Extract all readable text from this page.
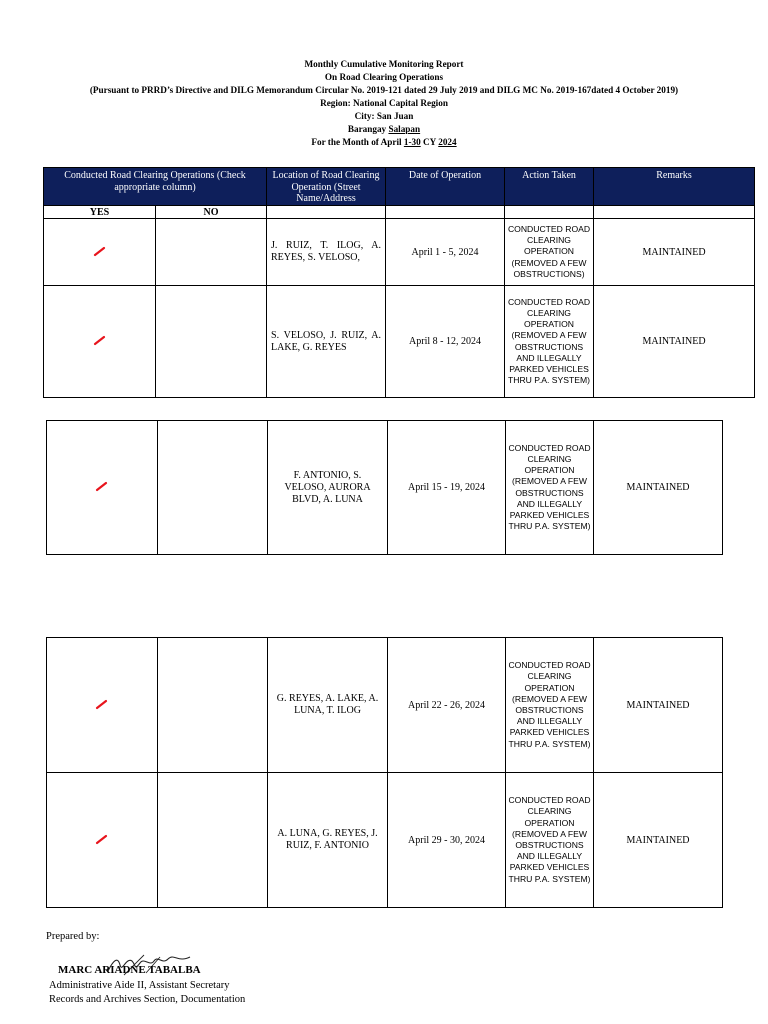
Monthly Cumulative Monitoring Report
On Road Clearing Operations
(Pursuant to PRRD’s Directive and DILG Memorandum Circular No. 2019-121 dated 29 July 2019 and DILG MC No. 2019-167dated 4 October 2019)
Region: National Capital Region
City: San Juan
Barangay Salapan
For the Month of April 1-30 CY 2024
Conducted Road Clearing Operations (Check appropriate column)		Location of Road Clearing Operation (Street Name/Address	Date of Operation	Action Taken	Remarks
YES	NO				
		J. RUIZ, T. ILOG, A. REYES, S. VELOSO,	April 1 - 5, 2024	CONDUCTED ROAD CLEARING OPERATION (REMOVED A FEW OBSTRUCTIONS)	MAINTAINED
		S. VELOSO, J. RUIZ, A. LAKE, G. REYES	April 8 - 12, 2024	CONDUCTED ROAD CLEARING OPERATION (REMOVED A FEW OBSTRUCTIONS AND ILLEGALLY PARKED VEHICLES THRU P.A. SYSTEM)	MAINTAINED
		F. ANTONIO, S. VELOSO, AURORA BLVD, A. LUNA	April 15 - 19, 2024	CONDUCTED ROAD CLEARING OPERATION (REMOVED A FEW OBSTRUCTIONS AND ILLEGALLY PARKED VEHICLES THRU P.A. SYSTEM)	MAINTAINED
		G. REYES, A. LAKE, A. LUNA, T. ILOG	April 22 - 26, 2024	CONDUCTED ROAD CLEARING OPERATION (REMOVED A FEW OBSTRUCTIONS AND ILLEGALLY PARKED VEHICLES THRU P.A. SYSTEM)	MAINTAINED
		A. LUNA, G. REYES, J. RUIZ, F. ANTONIO	April 29 - 30, 2024	CONDUCTED ROAD CLEARING OPERATION (REMOVED A FEW OBSTRUCTIONS AND ILLEGALLY PARKED VEHICLES THRU P.A. SYSTEM)	MAINTAINED
Prepared by:
MARC ARIADNE TABALBA
Administrative Aide II, Assistant Secretary
Records and Archives Section, Documentation
